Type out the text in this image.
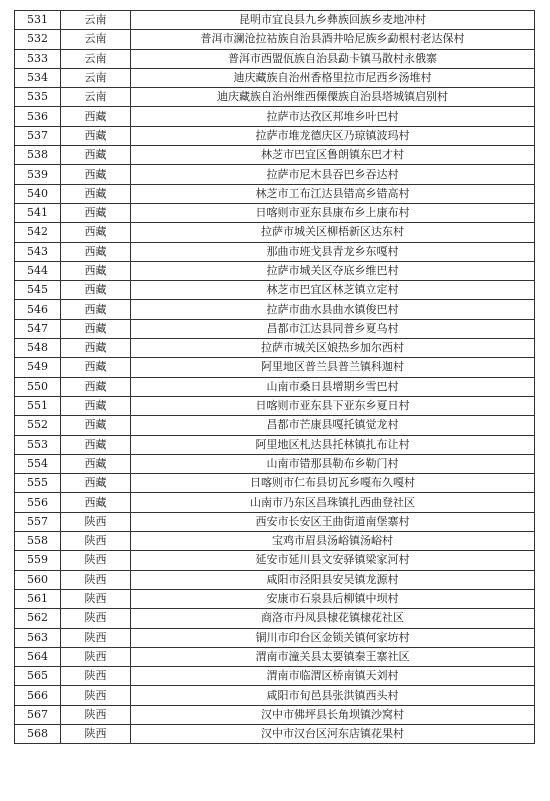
531	云南	昆明市宜良县九乡彝族回族乡麦地冲村
532	云南	普洱市澜沧拉祜族自治县酒井哈尼族乡勐根村老达保村
533	云南	普洱市西盟佤族自治县勐卡镇马散村永俄寨
534	云南	迪庆藏族自治州香格里拉市尼西乡汤堆村
535	云南	迪庆藏族自治州维西傈僳族自治县塔城镇启别村
536	西藏	拉萨市达孜区邦堆乡叶巴村
537	西藏	拉萨市堆龙德庆区乃琼镇波玛村
538	西藏	林芝市巴宜区鲁朗镇东巴才村
539	西藏	拉萨市尼木县吞巴乡吞达村
540	西藏	林芝市工布江达县错高乡错高村
541	西藏	日喀则市亚东县康布乡上康布村
542	西藏	拉萨市城关区柳梧新区达东村
543	西藏	那曲市班戈县青龙乡东嘎村
544	西藏	拉萨市城关区夺底乡维巴村
545	西藏	林芝市巴宜区林芝镇立定村
546	西藏	拉萨市曲水县曲水镇俊巴村
547	西藏	昌都市江达县同普乡夏乌村
548	西藏	拉萨市城关区娘热乡加尔西村
549	西藏	阿里地区普兰县普兰镇科迦村
550	西藏	山南市桑日县增期乡雪巴村
551	西藏	日喀则市亚东县下亚东乡夏日村
552	西藏	昌都市芒康县嘎托镇觉龙村
553	西藏	阿里地区札达县托林镇扎布让村
554	西藏	山南市错那县勒布乡勒门村
555	西藏	日喀则市仁布县切瓦乡嘎布久嘎村
556	西藏	山南市乃东区昌珠镇扎西曲登社区
557	陕西	西安市长安区王曲街道南堡寨村
558	陕西	宝鸡市眉县汤峪镇汤峪村
559	陕西	延安市延川县文安驿镇梁家河村
560	陕西	咸阳市泾阳县安吴镇龙源村
561	陕西	安康市石泉县后柳镇中坝村
562	陕西	商洛市丹凤县棣花镇棣花社区
563	陕西	铜川市印台区金锁关镇何家坊村
564	陕西	渭南市潼关县太要镇秦王寨社区
565	陕西	渭南市临渭区桥南镇天刘村
566	陕西	咸阳市旬邑县张洪镇西头村
567	陕西	汉中市佛坪县长角坝镇沙窝村
568	陕西	汉中市汉台区河东店镇花果村
